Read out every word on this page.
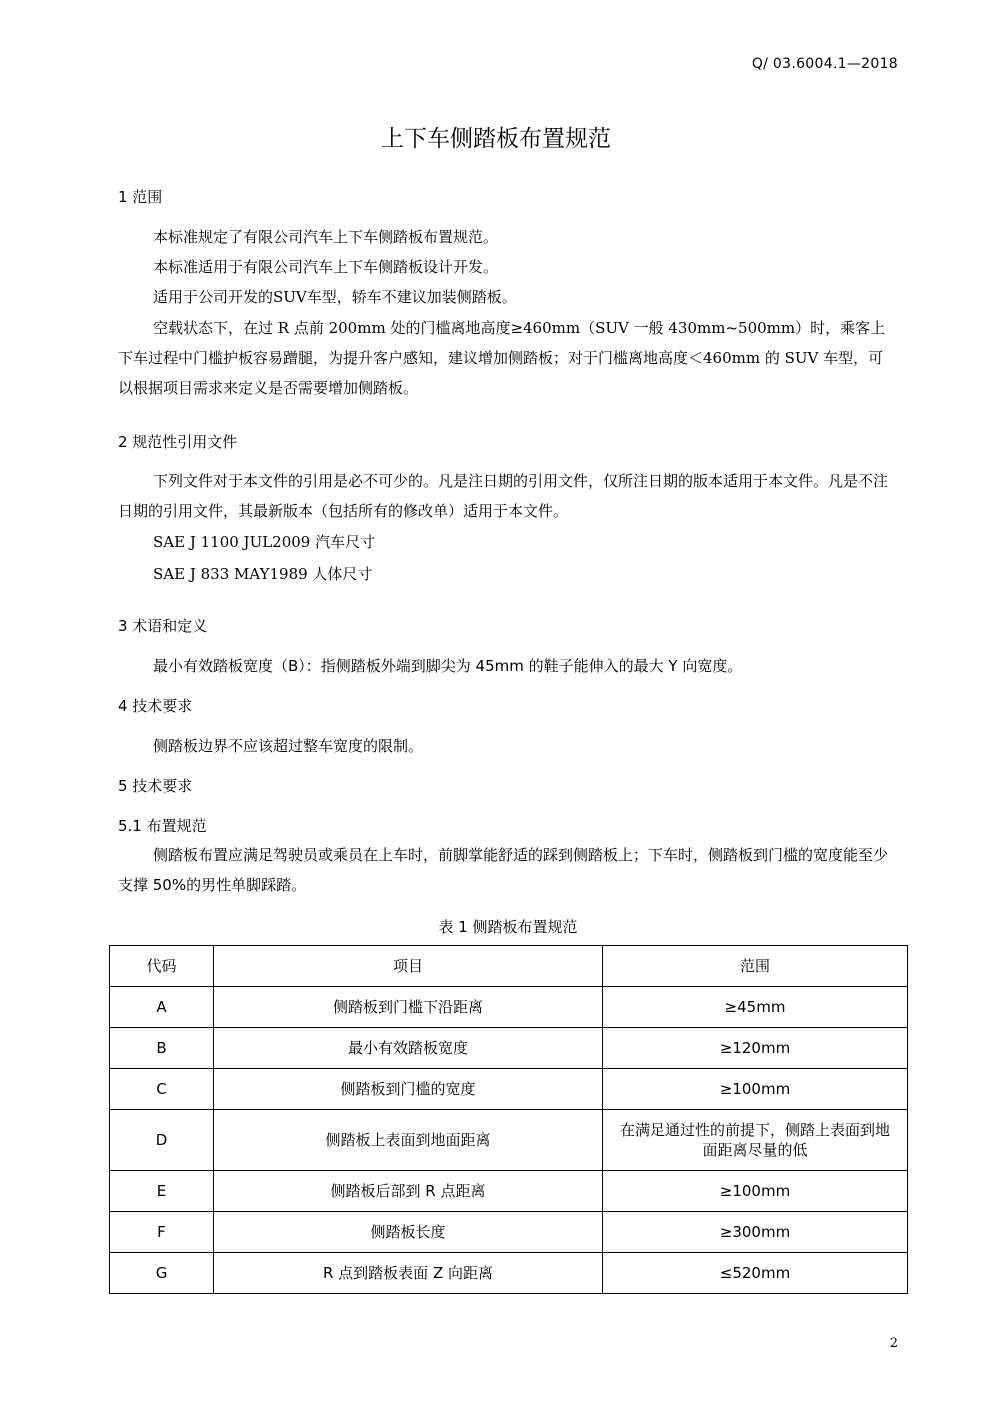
Q/ 03.6004.1—2018
上下车侧踏板布置规范
1 范围
本标准规定了有限公司汽车上下车侧踏板布置规范。
本标准适用于有限公司汽车上下车侧踏板设计开发。
适用于公司开发的SUV车型，轿车不建议加装侧踏板。

空载状态下，在过 R 点前 200mm 处的门槛离地高度≥460mm（SUV 一般 430mm~500mm）时，乘客上下车过程中门槛护板容易蹭腿，为提升客户感知，建议增加侧踏板；对于门槛离地高度＜460mm 的 SUV 车型，可以根据项目需求来定义是否需要增加侧踏板。

2 规范性引用文件

下列文件对于本文件的引用是必不可少的。凡是注日期的引用文件，仅所注日期的版本适用于本文件。凡是不注日期的引用文件，其最新版本（包括所有的修改单）适用于本文件。

SAE J 1100 JUL2009 汽车尺寸
SAE J 833 MAY1989 人体尺寸
3 术语和定义
最小有效踏板宽度（B）：指侧踏板外端到脚尖为 45mm 的鞋子能伸入的最大 Y 向宽度。
4 技术要求
侧踏板边界不应该超过整车宽度的限制。
5 技术要求
5.1 布置规范

侧踏板布置应满足驾驶员或乘员在上车时，前脚掌能舒适的踩到侧踏板上；下车时，侧踏板到门槛的宽度能至少支撑 50%的男性单脚踩踏。

表 1 侧踏板布置规范
代码	项目	范围
A	侧踏板到门槛下沿距离	≥45mm
B	最小有效踏板宽度	≥120mm
C	侧踏板到门槛的宽度	≥100mm
D	侧踏板上表面到地面距离	在满足通过性的前提下，侧踏上表面到地面距离尽量的低
E	侧踏板后部到 R 点距离	≥100mm
F	侧踏板长度	≥300mm
G	R 点到踏板表面 Z 向距离	≤520mm
2
